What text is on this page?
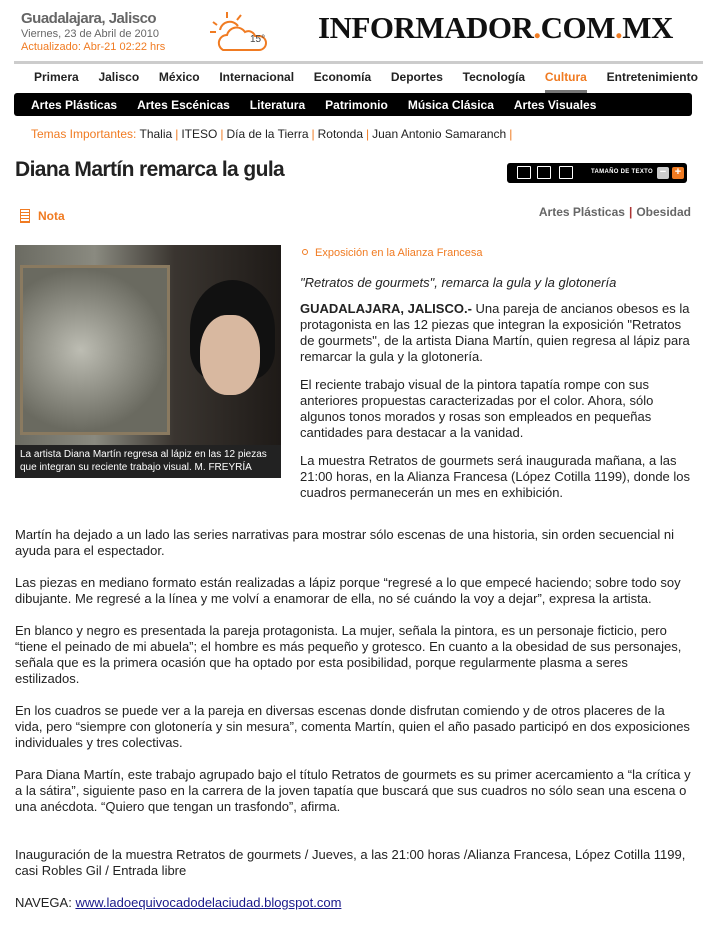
Guadalajara, Jalisco
Viernes, 23 de Abril de 2010
Actualizado: Abr-21 02:22 hrs
15° INFORMADOR.COM.MX
Primera Jalisco México Internacional Economía Deportes Tecnología Cultura Entretenimiento
Artes Plásticas Artes Escénicas Literatura Patrimonio Música Clásica Artes Visuales
Temas Importantes: Thalia | ITESO | Día de la Tierra | Rotonda | Juan Antonio Samaranch |
Diana Martín remarca la gula	TAMAÑO DE TEXTO − +
Nota	Artes Plásticas | Obesidad
La artista Diana Martín regresa al lápiz en las 12 piezas que integran su reciente trabajo visual. M. FREYRÍA
Exposición en la Alianza Francesa

"Retratos de gourmets", remarca la gula y la glotonería

GUADALAJARA, JALISCO.- Una pareja de ancianos obesos es la protagonista en las 12 piezas que integran la exposición "Retratos de gourmets", de la artista Diana Martín, quien regresa al lápiz para remarcar la gula y la glotonería.

El reciente trabajo visual de la pintora tapatía rompe con sus anteriores propuestas caracterizadas por el color. Ahora, sólo algunos tonos morados y rosas son empleados en pequeñas cantidades para destacar a la vanidad.

La muestra Retratos de gourmets será inaugurada mañana, a las 21:00 horas, en la Alianza Francesa (López Cotilla 1199), donde los cuadros permanecerán un mes en exhibición.

Martín ha dejado a un lado las series narrativas para mostrar sólo escenas de una historia, sin orden secuencial ni ayuda para el espectador.

Las piezas en mediano formato están realizadas a lápiz porque “regresé a lo que empecé haciendo; sobre todo soy dibujante. Me regresé a la línea y me volví a enamorar de ella, no sé cuándo la voy a dejar”, expresa la artista.

En blanco y negro es presentada la pareja protagonista. La mujer, señala la pintora, es un personaje ficticio, pero “tiene el peinado de mi abuela”; el hombre es más pequeño y grotesco. En cuanto a la obesidad de sus personajes, señala que es la primera ocasión que ha optado por esta posibilidad, porque regularmente plasma a seres estilizados.

En los cuadros se puede ver a la pareja en diversas escenas donde disfrutan comiendo y de otros placeres de la vida, pero “siempre con glotonería y sin mesura”, comenta Martín, quien el año pasado participó en dos exposiciones individuales y tres colectivas.

Para Diana Martín, este trabajo agrupado bajo el título Retratos de gourmets es su primer acercamiento a “la crítica y a la sátira”, siguiente paso en la carrera de la joven tapatía que buscará que sus cuadros no sólo sean una escena o una anécdota. “Quiero que tengan un trasfondo”, afirma.

Inauguración de la muestra Retratos de gourmets / Jueves, a las 21:00 horas /Alianza Francesa, López Cotilla 1199, casi Robles Gil / Entrada libre

NAVEGA: www.ladoequivocadodelaciudad.blogspot.com
